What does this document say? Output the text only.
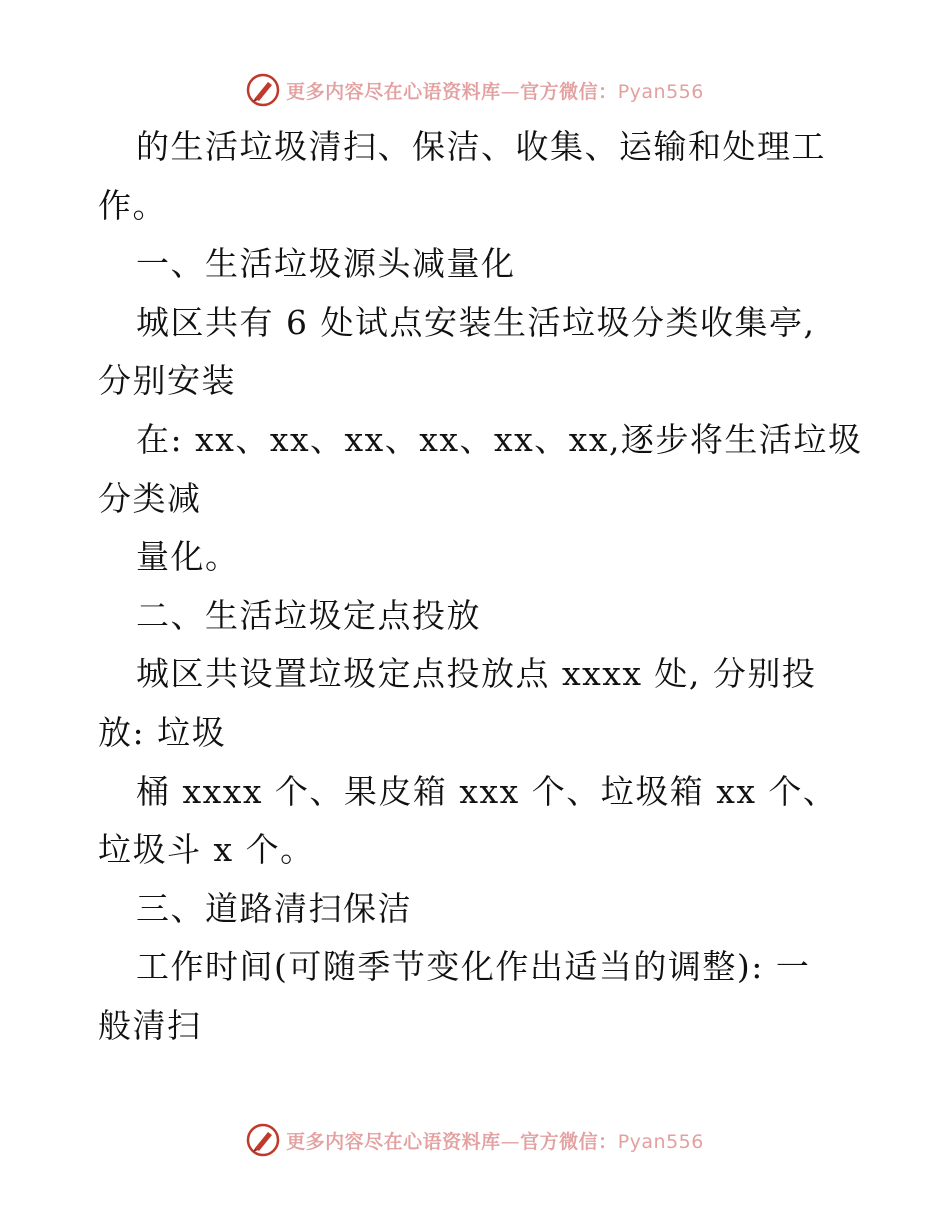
更多内容尽在心语资料库—官方微信：Pyan556
的生活垃圾清扫、保洁、收集、运输和处理工
作。
一、生活垃圾源头减量化
城区共有 6 处试点安装生活垃圾分类收集亭,
分别安装
在: xx、xx、xx、xx、xx、xx,逐步将生活垃圾
分类减
量化。
二、生活垃圾定点投放
城区共设置垃圾定点投放点 xxxx 处, 分别投
放: 垃圾
桶 xxxx 个、果皮箱 xxx 个、垃圾箱 xx 个、
垃圾斗 x 个。
三、道路清扫保洁
工作时间(可随季节变化作出适当的调整): 一
般清扫
更多内容尽在心语资料库—官方微信：Pyan556
